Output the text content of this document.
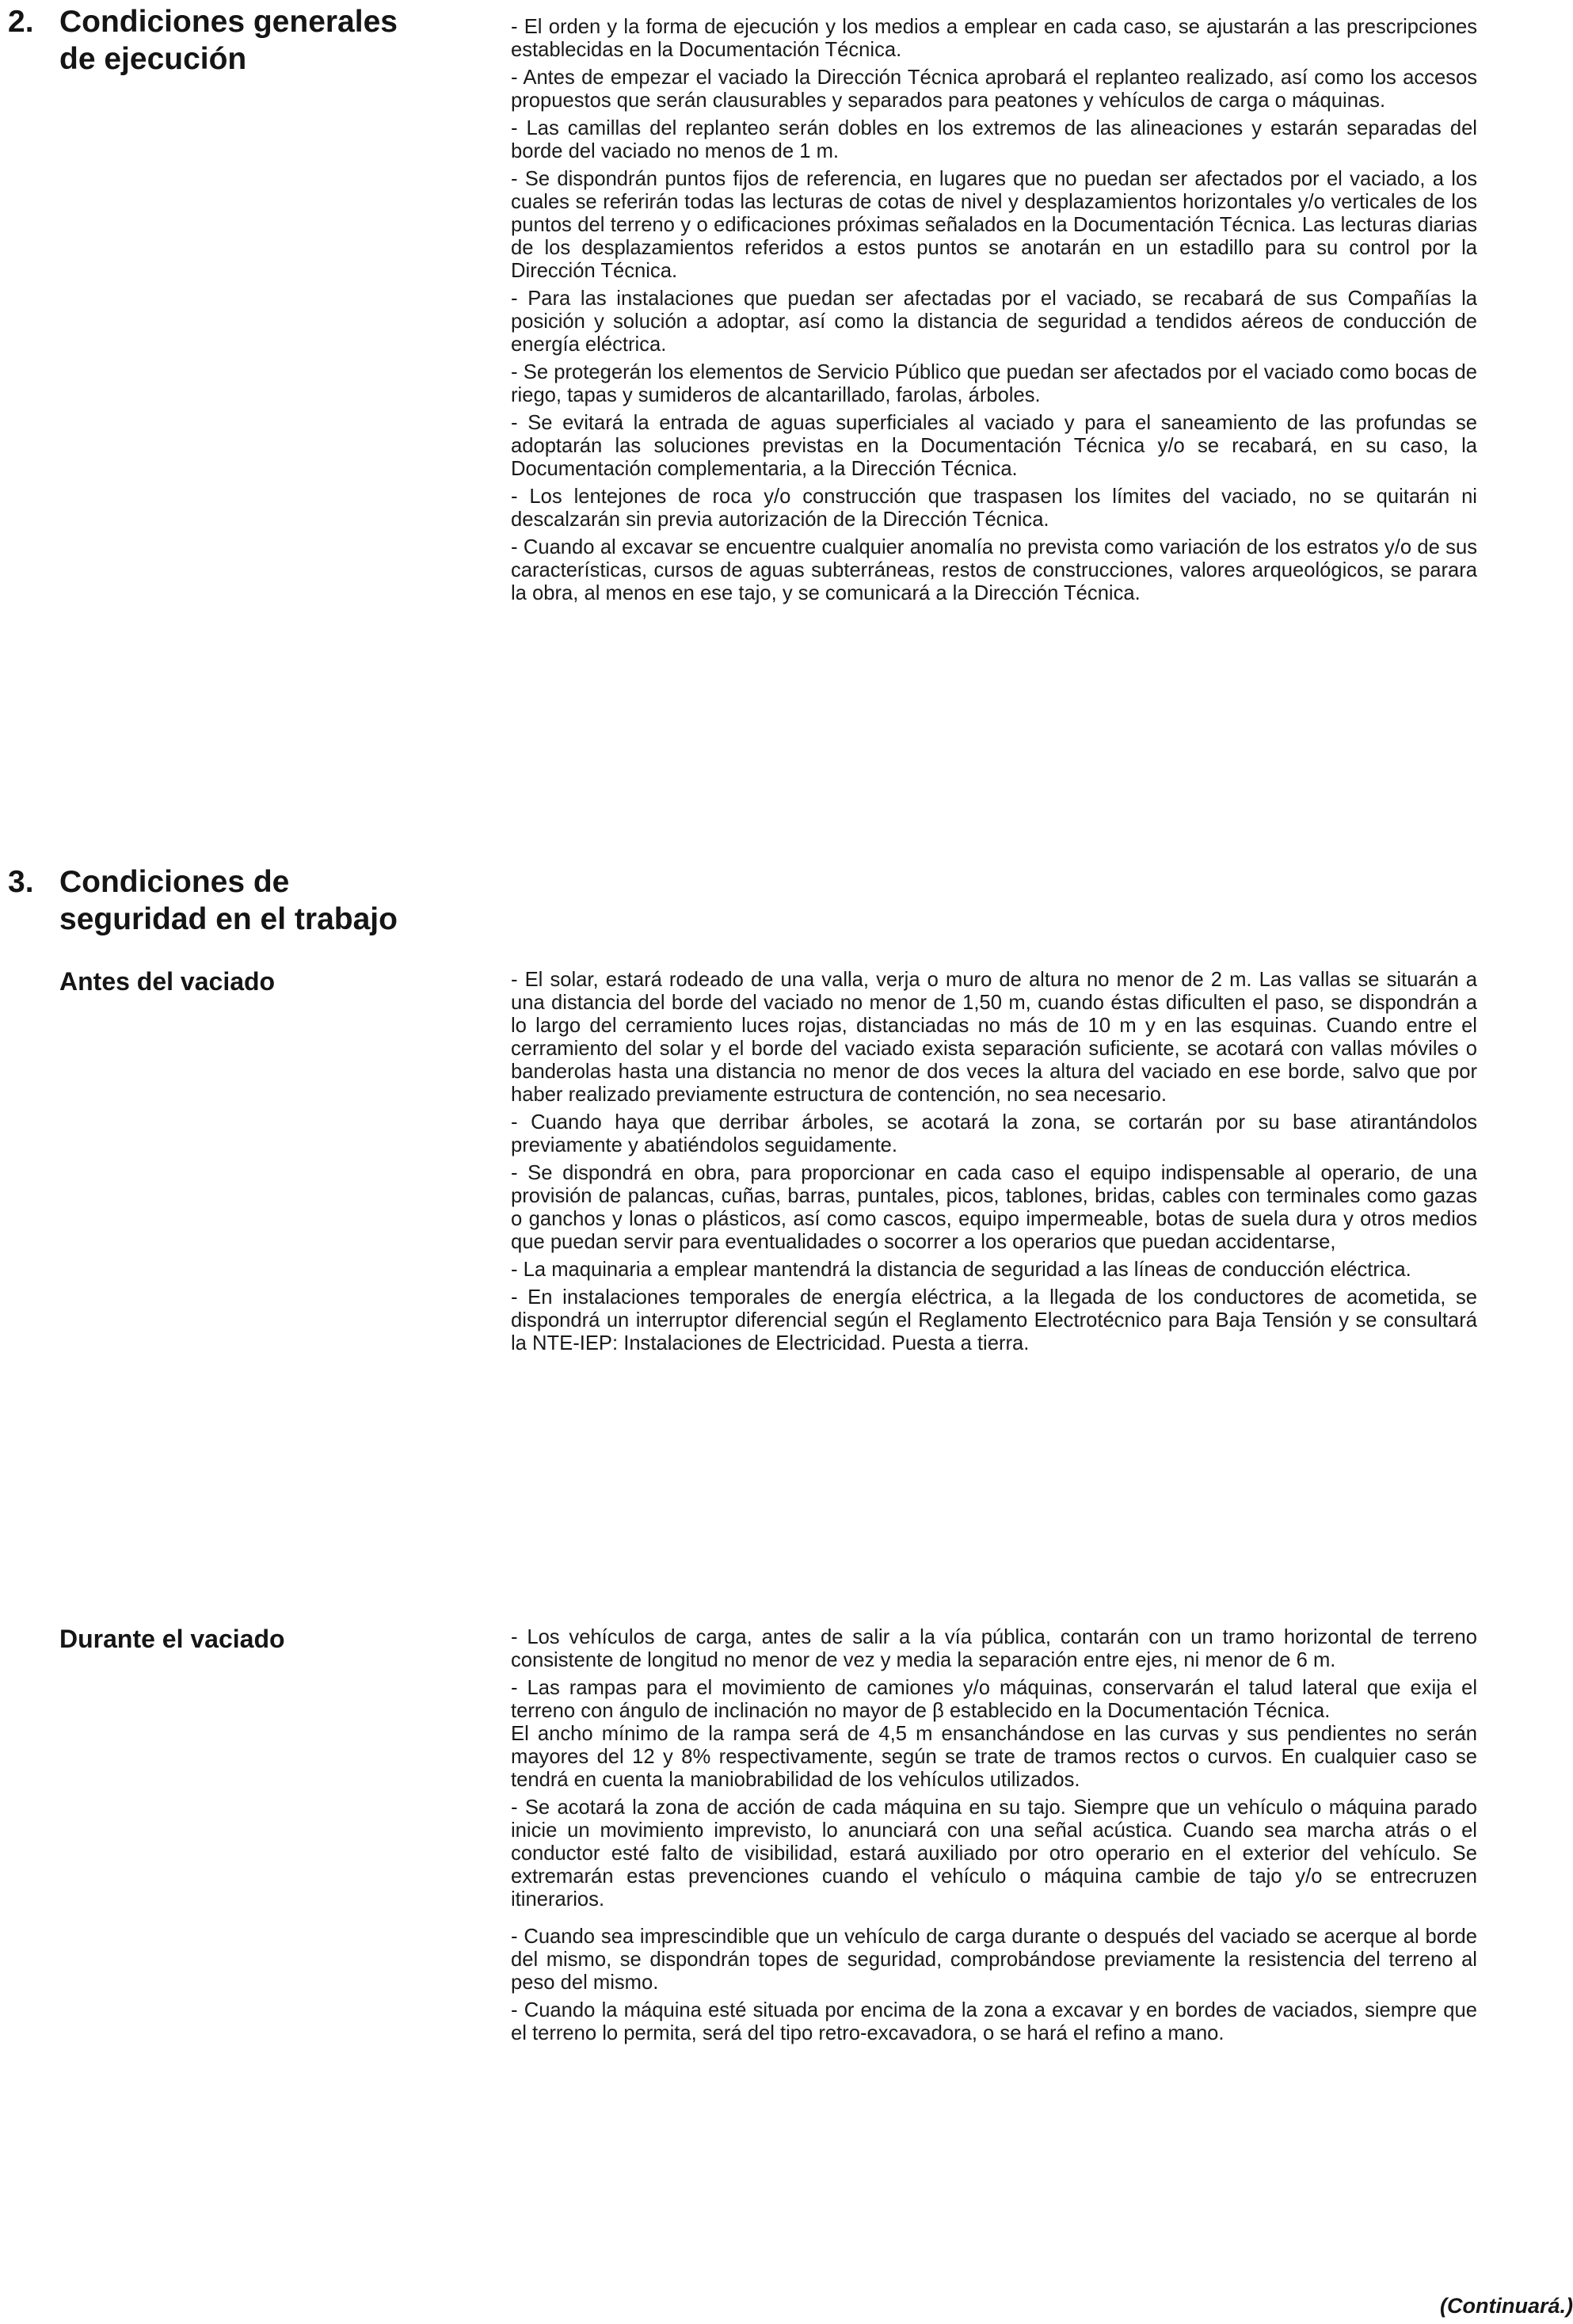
2. Condiciones generales
de ejecución

- El orden y la forma de ejecución y los medios a emplear en cada caso, se ajustarán a las prescripciones establecidas en la Documentación Técnica.

- Antes de empezar el vaciado la Dirección Técnica aprobará el replanteo realizado, así como los accesos propuestos que serán clausurables y separados para peatones y vehículos de carga o máquinas.

- Las camillas del replanteo serán dobles en los extremos de las alineaciones y estarán separadas del borde del vaciado no menos de 1 m.

- Se dispondrán puntos fijos de referencia, en lugares que no puedan ser afectados por el vaciado, a los cuales se referirán todas las lecturas de cotas de nivel y desplazamientos horizontales y/o verticales de los puntos del terreno y o edificaciones próximas señalados en la Documentación Técnica. Las lecturas diarias de los desplazamientos referidos a estos puntos se anotarán en un estadillo para su control por la Dirección Técnica.

- Para las instalaciones que puedan ser afectadas por el vaciado, se recabará de sus Compañías la posición y solución a adoptar, así como la distancia de seguridad a tendidos aéreos de conducción de energía eléctrica.

- Se protegerán los elementos de Servicio Público que puedan ser afectados por el vaciado como bocas de riego, tapas y sumideros de alcantarillado, farolas, árboles.

- Se evitará la entrada de aguas superficiales al vaciado y para el saneamiento de las profundas se adoptarán las soluciones previstas en la Documentación Técnica y/o se recabará, en su caso, la Documentación complementaria, a la Dirección Técnica.

- Los lentejones de roca y/o construcción que traspasen los límites del vaciado, no se quitarán ni descalzarán sin previa autorización de la Dirección Técnica.

- Cuando al excavar se encuentre cualquier anomalía no prevista como variación de los estratos y/o de sus características, cursos de aguas subterráneas, restos de construcciones, valores arqueológicos, se parara la obra, al menos en ese tajo, y se comunicará a la Dirección Técnica.

3. Condiciones de
seguridad en el trabajo
Antes del vaciado	- El solar, estará rodeado de una valla, verja o muro de altura no menor de 2 m. Las vallas se situarán a una distancia del borde del vaciado no menor de 1,50 m, cuando éstas dificulten el paso, se dispondrán a lo largo del cerramiento luces rojas, distanciadas no más de 10 m y en las esquinas. Cuando entre el cerramiento del solar y el borde del vaciado exista separación suficiente, se acotará con vallas móviles o banderolas hasta una distancia no menor de dos veces la altura del vaciado en ese borde, salvo que por haber realizado previamente estructura de contención, no sea necesario.

- Cuando haya que derribar árboles, se acotará la zona, se cortarán por su base atirantándolos previamente y abatiéndolos seguidamente.

- Se dispondrá en obra, para proporcionar en cada caso el equipo indispensable al operario, de una provisión de palancas, cuñas, barras, puntales, picos, tablones, bridas, cables con terminales como gazas o ganchos y lonas o plásticos, así como cascos, equipo impermeable, botas de suela dura y otros medios que puedan servir para eventualidades o socorrer a los operarios que puedan accidentarse,

- La maquinaria a emplear mantendrá la distancia de seguridad a las líneas de conducción eléctrica.

- En instalaciones temporales de energía eléctrica, a la llegada de los conductores de acometida, se dispondrá un interruptor diferencial según el Reglamento Electrotécnico para Baja Tensión y se consultará la NTE-IEP: Instalaciones de Electricidad. Puesta a tierra.

Durante el vaciado	- Los vehículos de carga, antes de salir a la vía pública, contarán con un tramo horizontal de terreno consistente de longitud no menor de vez y media la separación entre ejes, ni menor de 6 m.

- Las rampas para el movimiento de camiones y/o máquinas, conservarán el talud lateral que exija el terreno con ángulo de inclinación no mayor de β establecido en la Documentación Técnica.

El ancho mínimo de la rampa será de 4,5 m ensanchándose en las curvas y sus pendientes no serán mayores del 12 y 8% respectivamente, según se trate de tramos rectos o curvos. En cualquier caso se tendrá en cuenta la maniobrabilidad de los vehículos utilizados.

- Se acotará la zona de acción de cada máquina en su tajo. Siempre que un vehículo o máquina parado inicie un movimiento imprevisto, lo anunciará con una señal acústica. Cuando sea marcha atrás o el conductor esté falto de visibilidad, estará auxiliado por otro operario en el exterior del vehículo. Se extremarán estas prevenciones cuando el vehículo o máquina cambie de tajo y/o se entrecruzen itinerarios.

- Cuando sea imprescindible que un vehículo de carga durante o después del vaciado se acerque al borde del mismo, se dispondrán topes de seguridad, comprobándose previamente la resistencia del terreno al peso del mismo.

- Cuando la máquina esté situada por encima de la zona a excavar y en bordes de vaciados, siempre que el terreno lo permita, será del tipo retro-excavadora, o se hará el refino a mano.

(Continuará.)
